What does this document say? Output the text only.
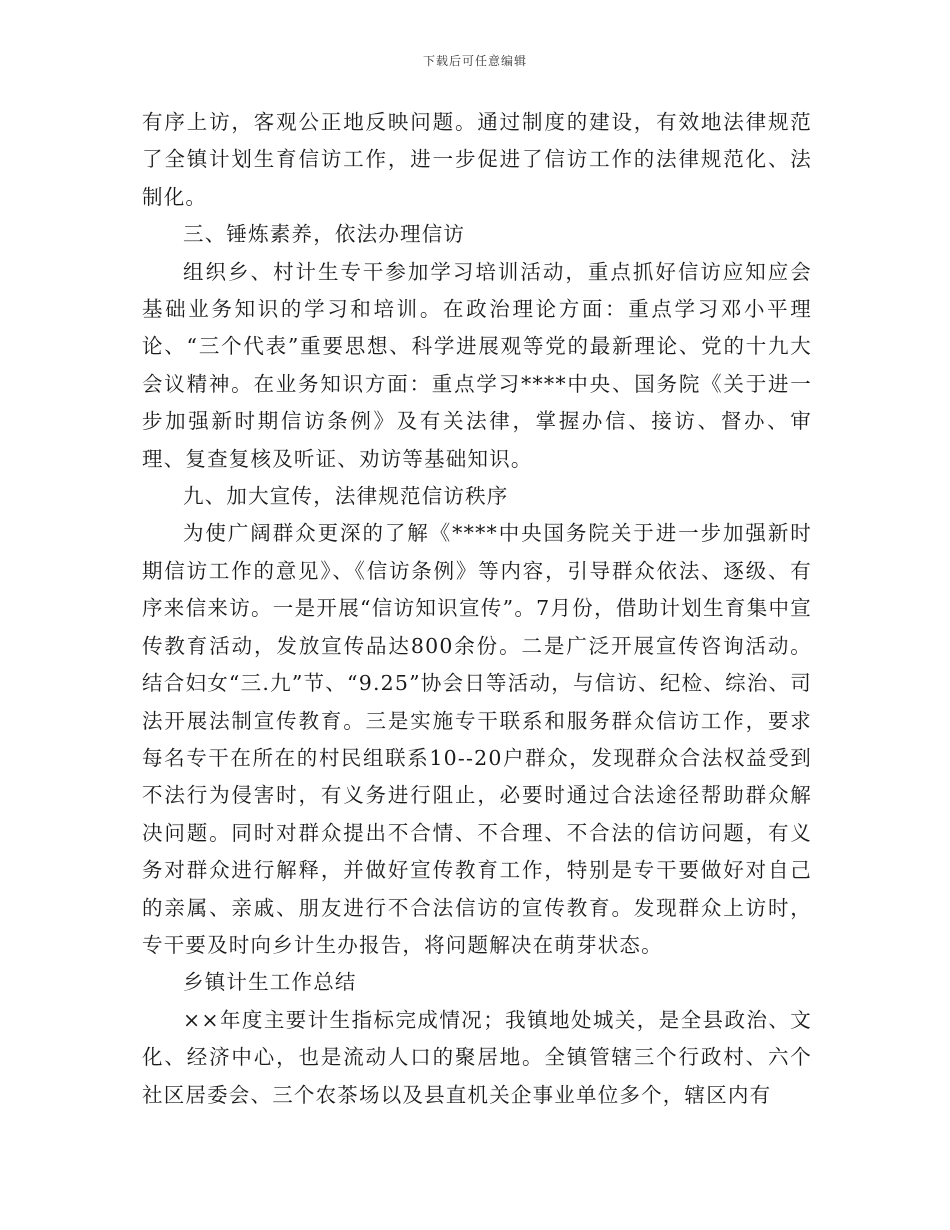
下载后可任意编辑

有序上访，客观公正地反映问题。通过制度的建设，有效地法律规范了全镇计划生育信访工作，进一步促进了信访工作的法律规范化、法制化。

三、锤炼素养，依法办理信访

组织乡、村计生专干参加学习培训活动，重点抓好信访应知应会基础业务知识的学习和培训。在政治理论方面：重点学习邓小平理论、“三个代表”重要思想、科学进展观等党的最新理论、党的十九大会议精神。在业务知识方面：重点学习****中央、国务院《关于进一步加强新时期信访条例》及有关法律，掌握办信、接访、督办、审理、复查复核及听证、劝访等基础知识。

九、加大宣传，法律规范信访秩序

为使广阔群众更深的了解《****中央国务院关于进一步加强新时期信访工作的意见》、《信访条例》等内容，引导群众依法、逐级、有序来信来访。一是开展“信访知识宣传”。7月份，借助计划生育集中宣传教育活动，发放宣传品达800余份。二是广泛开展宣传咨询活动。结合妇女“三.九”节、“9.25”协会日等活动，与信访、纪检、综治、司法开展法制宣传教育。三是实施专干联系和服务群众信访工作，要求每名专干在所在的村民组联系10--20户群众，发现群众合法权益受到不法行为侵害时，有义务进行阻止，必要时通过合法途径帮助群众解决问题。同时对群众提出不合情、不合理、不合法的信访问题，有义务对群众进行解释，并做好宣传教育工作，特别是专干要做好对自己的亲属、亲戚、朋友进行不合法信访的宣传教育。发现群众上访时，专干要及时向乡计生办报告，将问题解决在萌芽状态。

乡镇计生工作总结

××年度主要计生指标完成情况；我镇地处城关，是全县政治、文化、经济中心，也是流动人口的聚居地。全镇管辖三个行政村、六个社区居委会、三个农茶场以及县直机关企事业单位多个，辖区内有
